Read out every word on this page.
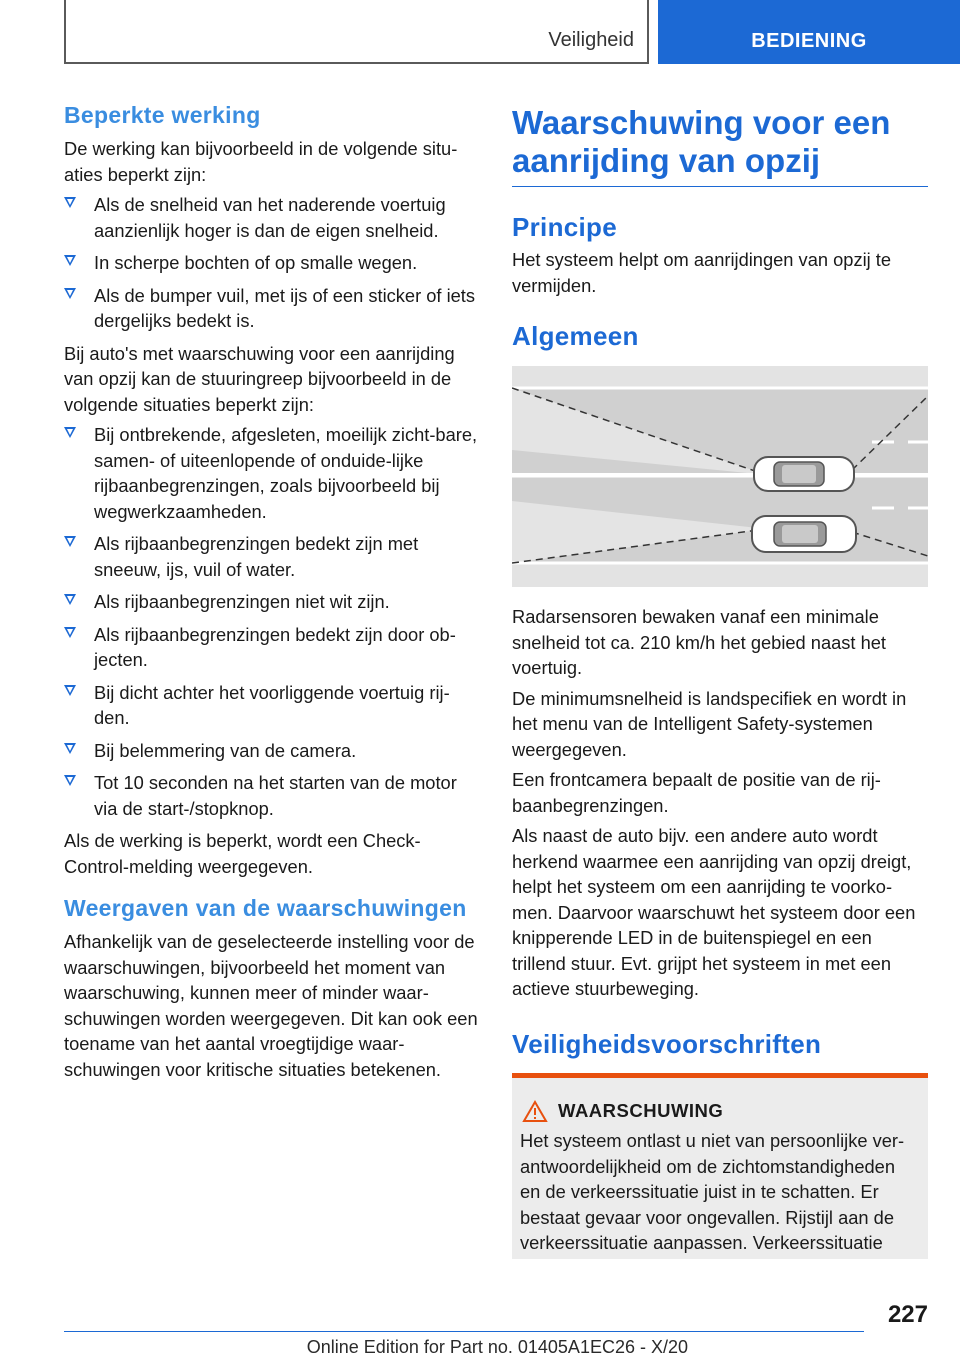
Veiligheid	BEDIENING
Beperkte werking

De werking kan bijvoorbeeld in de volgende situ-aties beperkt zijn:

Als de snelheid van het naderende voertuig aanzienlijk hoger is dan de eigen snelheid.
In scherpe bochten of op smalle wegen.
Als de bumper vuil, met ijs of een sticker of iets dergelijks bedekt is.

Bij auto's met waarschuwing voor een aanrijding van opzij kan de stuuringreep bijvoorbeeld in de volgende situaties beperkt zijn:

Bij ontbrekende, afgesleten, moeilijk zicht-bare, samen- of uiteenlopende of onduide-lijke rijbaanbegrenzingen, zoals bijvoorbeeld bij wegwerkzaamheden.
Als rijbaanbegrenzingen bedekt zijn met sneeuw, ijs, vuil of water.
Als rijbaanbegrenzingen niet wit zijn.
Als rijbaanbegrenzingen bedekt zijn door ob-jecten.
Bij dicht achter het voorliggende voertuig rij-den.
Bij belemmering van de camera.
Tot 10 seconden na het starten van de motor via de start-/stopknop.

Als de werking is beperkt, wordt een Check-Control-melding weergegeven.

Weergaven van de waarschuwingen

Afhankelijk van de geselecteerde instelling voor de waarschuwingen, bijvoorbeeld het moment van waarschuwing, kunnen meer of minder waar-schuwingen worden weergegeven. Dit kan ook een toename van het aantal vroegtijdige waar-schuwingen voor kritische situaties betekenen.

Waarschuwing voor een aanrijding van opzij
Principe

Het systeem helpt om aanrijdingen van opzij te vermijden.

Algemeen

Radarsensoren bewaken vanaf een minimale snelheid tot ca. 210 km/h het gebied naast het voertuig.

De minimumsnelheid is landspecifiek en wordt in het menu van de Intelligent Safety-systemen weergegeven.

Een frontcamera bepaalt de positie van de rij-baanbegrenzingen.

Als naast de auto bijv. een andere auto wordt herkend waarmee een aanrijding van opzij dreigt, helpt het systeem om een aanrijding te voorko-men. Daarvoor waarschuwt het systeem door een knipperende LED in de buitenspiegel en een trillend stuur. Evt. grijpt het systeem in met een actieve stuurbeweging.

Veiligheidsvoorschriften
WAARSCHUWING
Het systeem ontlast u niet van persoonlijke ver-antwoordelijkheid om de zichtomstandigheden en de verkeerssituatie juist in te schatten. Er bestaat gevaar voor ongevallen. Rijstijl aan de verkeerssituatie aanpassen. Verkeerssituatie
227
Online Edition for Part no. 01405A1EC26 - X/20
